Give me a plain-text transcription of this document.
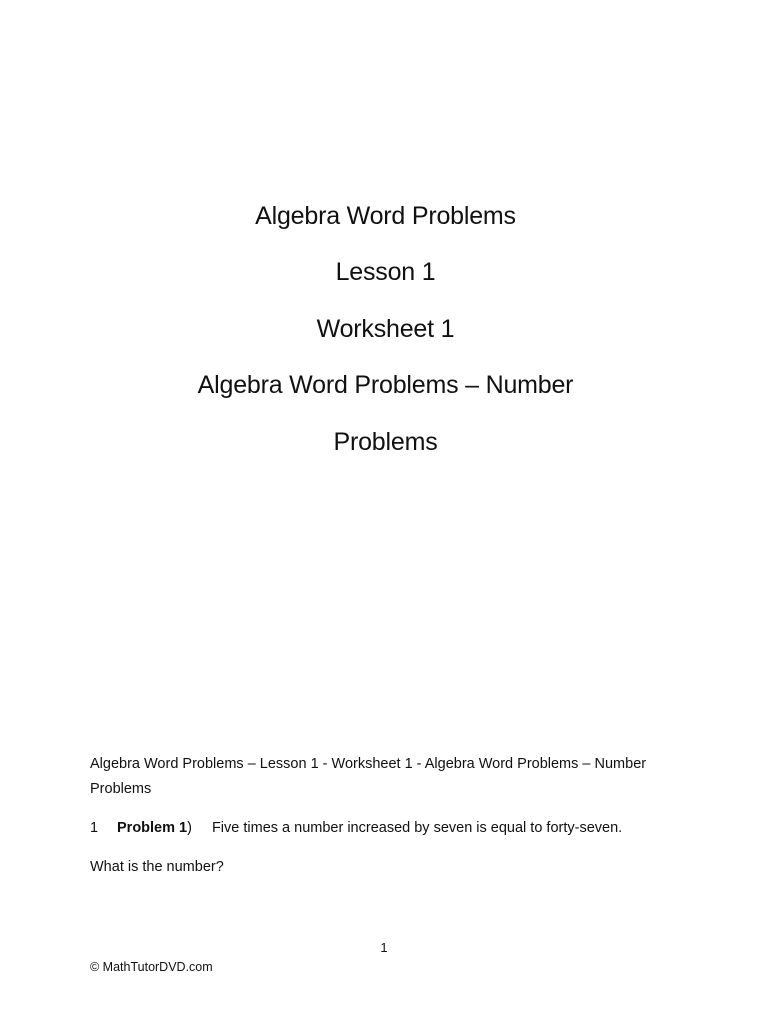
Algebra Word Problems
Lesson 1
Worksheet 1
Algebra Word Problems – Number
Problems
Algebra Word Problems – Lesson 1 - Worksheet 1 - Algebra Word Problems – Number Problems
1 Problem 1) Five times a number increased by seven is equal to forty-seven.
What is the number?
1
© MathTutorDVD.com
